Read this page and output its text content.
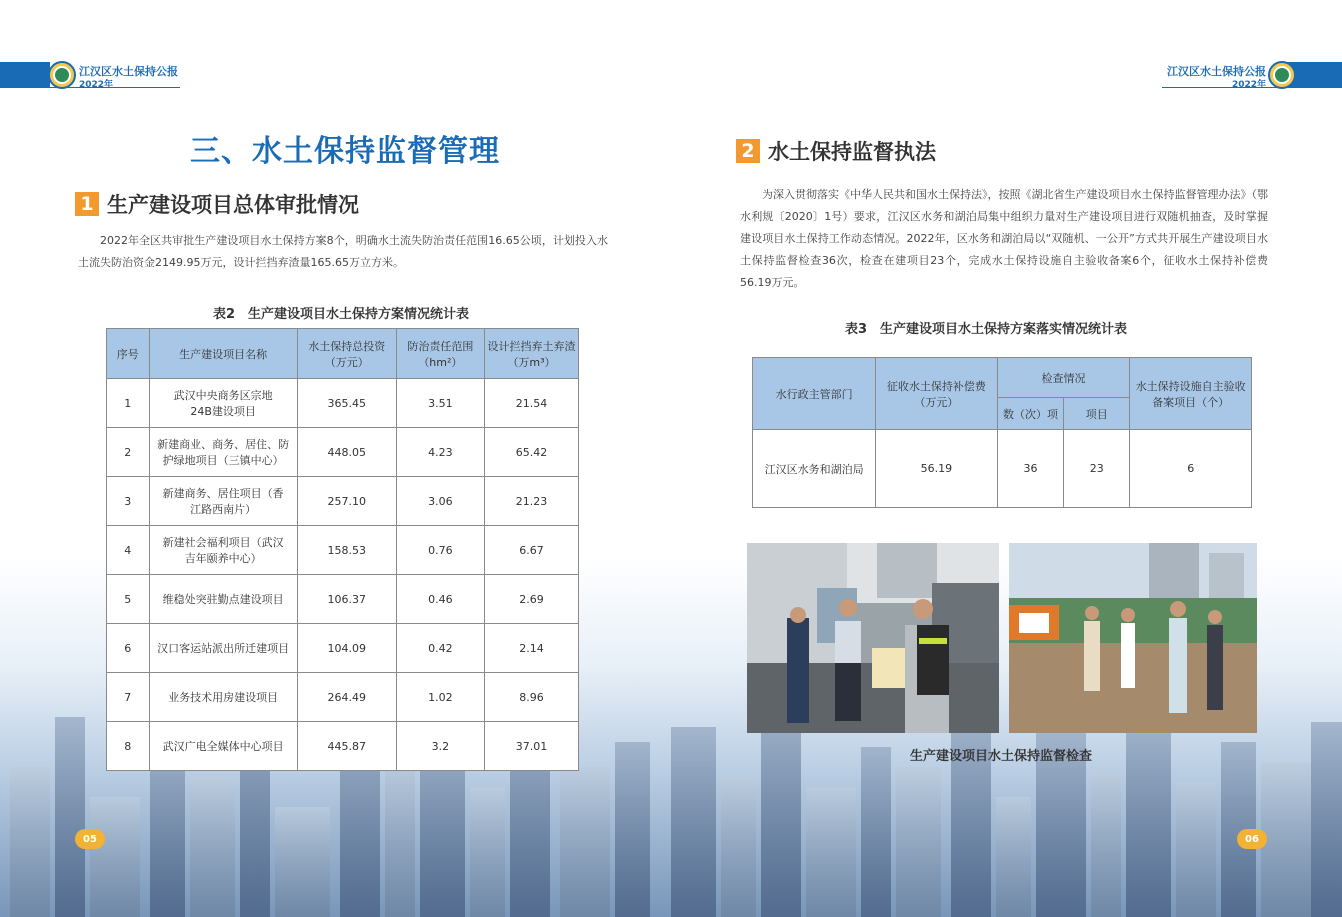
江汉区水土保持公报
2022年
三、水土保持监督管理
1 生产建设项目总体审批情况
2022年全区共审批生产建设项目水土保持方案8个，明确水土流失防治责任范围16.65公顷，计划投入水土流失防治资金2149.95万元，设计拦挡弃渣量165.65万立方米。
表2　生产建设项目水土保持方案情况统计表
序号	生产建设项目名称	水土保持总投资（万元）	防治责任范围（hm²）	设计拦挡弃土弃渣（万m³）
1	武汉中央商务区宗地24B建设项目	365.45	3.51	21.54
2	新建商业、商务、居住、防护绿地项目（三镇中心）	448.05	4.23	65.42
3	新建商务、居住项目（香江路西南片）	257.10	3.06	21.23
4	新建社会福利项目（武汉吉年颐养中心）	158.53	0.76	6.67
5	维稳处突驻勤点建设项目	106.37	0.46	2.69
6	汉口客运站派出所迁建项目	104.09	0.42	2.14
7	业务技术用房建设项目	264.49	1.02	8.96
8	武汉广电全媒体中心项目	445.87	3.2	37.01
05
江汉区水土保持公报
2022年
2 水土保持监督执法
为深入贯彻落实《中华人民共和国水土保持法》，按照《湖北省生产建设项目水土保持监督管理办法》（鄂水利规〔2020〕1号）要求，江汉区水务和湖泊局集中组织力量对生产建设项目进行双随机抽查，及时掌握建设项目水土保持工作动态情况。2022年，区水务和湖泊局以“双随机、一公开”方式共开展生产建设项目水土保持监督检查36次，检查在建项目23个，完成水土保持设施自主验收备案6个，征收水土保持补偿费56.19万元。
表3　生产建设项目水土保持方案落实情况统计表
水行政主管部门	征收水土保持补偿费（万元）	检查情况		水土保持设施自主验收备案项目（个）
		数（次）项	项目	
江汉区水务和湖泊局	56.19	36	23	6
生产建设项目水土保持监督检查
06
